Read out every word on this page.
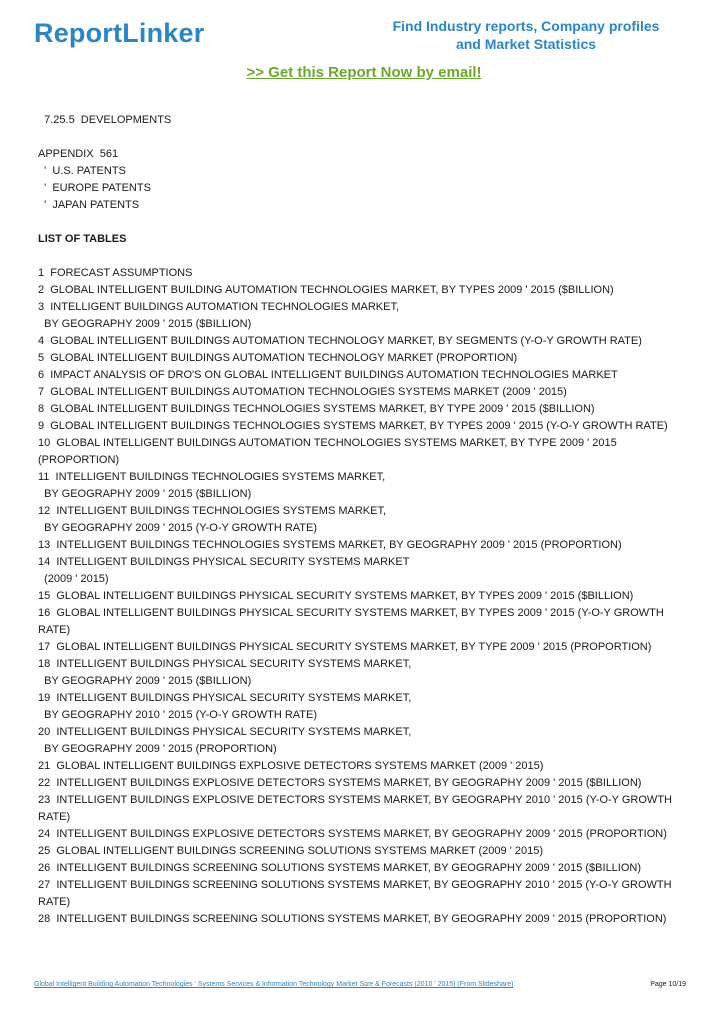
ReportLinker	Find Industry reports, Company profiles
and Market Statistics
>> Get this Report Now by email!
7.25.5  DEVELOPMENTS
APPENDIX  561
'  U.S. PATENTS
'  EUROPE PATENTS
'  JAPAN PATENTS
LIST OF TABLES
1  FORECAST ASSUMPTIONS
2  GLOBAL INTELLIGENT BUILDING AUTOMATION TECHNOLOGIES MARKET, BY TYPES 2009 ' 2015 ($BILLION)
3  INTELLIGENT BUILDINGS AUTOMATION TECHNOLOGIES MARKET,
BY GEOGRAPHY 2009 ' 2015 ($BILLION)
4  GLOBAL INTELLIGENT BUILDINGS AUTOMATION TECHNOLOGY MARKET, BY SEGMENTS (Y-O-Y GROWTH RATE)
5  GLOBAL INTELLIGENT BUILDINGS AUTOMATION TECHNOLOGY MARKET (PROPORTION)
6  IMPACT ANALYSIS OF DRO'S ON GLOBAL INTELLIGENT BUILDINGS AUTOMATION TECHNOLOGIES MARKET
7  GLOBAL INTELLIGENT BUILDINGS AUTOMATION TECHNOLOGIES SYSTEMS MARKET (2009 ' 2015)
8  GLOBAL INTELLIGENT BUILDINGS TECHNOLOGIES SYSTEMS MARKET, BY TYPE 2009 ' 2015 ($BILLION)
9  GLOBAL INTELLIGENT BUILDINGS TECHNOLOGIES SYSTEMS MARKET, BY TYPES 2009 ' 2015 (Y-O-Y GROWTH RATE)
10  GLOBAL INTELLIGENT BUILDINGS AUTOMATION TECHNOLOGIES SYSTEMS MARKET, BY TYPE 2009 ' 2015
(PROPORTION)
11  INTELLIGENT BUILDINGS TECHNOLOGIES SYSTEMS MARKET,
BY GEOGRAPHY 2009 ' 2015 ($BILLION)
12  INTELLIGENT BUILDINGS TECHNOLOGIES SYSTEMS MARKET,
BY GEOGRAPHY 2009 ' 2015 (Y-O-Y GROWTH RATE)
13  INTELLIGENT BUILDINGS TECHNOLOGIES SYSTEMS MARKET, BY GEOGRAPHY 2009 ' 2015 (PROPORTION)
14  INTELLIGENT BUILDINGS PHYSICAL SECURITY SYSTEMS MARKET
(2009 ' 2015)
15  GLOBAL INTELLIGENT BUILDINGS PHYSICAL SECURITY SYSTEMS MARKET, BY TYPES 2009 ' 2015 ($BILLION)
16  GLOBAL INTELLIGENT BUILDINGS PHYSICAL SECURITY SYSTEMS MARKET, BY TYPES 2009 ' 2015 (Y-O-Y GROWTH
RATE)
17  GLOBAL INTELLIGENT BUILDINGS PHYSICAL SECURITY SYSTEMS MARKET, BY TYPE 2009 ' 2015 (PROPORTION)
18  INTELLIGENT BUILDINGS PHYSICAL SECURITY SYSTEMS MARKET,
BY GEOGRAPHY 2009 ' 2015 ($BILLION)
19  INTELLIGENT BUILDINGS PHYSICAL SECURITY SYSTEMS MARKET,
BY GEOGRAPHY 2010 ' 2015 (Y-O-Y GROWTH RATE)
20  INTELLIGENT BUILDINGS PHYSICAL SECURITY SYSTEMS MARKET,
BY GEOGRAPHY 2009 ' 2015 (PROPORTION)
21  GLOBAL INTELLIGENT BUILDINGS EXPLOSIVE DETECTORS SYSTEMS MARKET (2009 ' 2015)
22  INTELLIGENT BUILDINGS EXPLOSIVE DETECTORS SYSTEMS MARKET, BY GEOGRAPHY 2009 ' 2015 ($BILLION)
23  INTELLIGENT BUILDINGS EXPLOSIVE DETECTORS SYSTEMS MARKET, BY GEOGRAPHY 2010 ' 2015 (Y-O-Y GROWTH
RATE)
24  INTELLIGENT BUILDINGS EXPLOSIVE DETECTORS SYSTEMS MARKET, BY GEOGRAPHY 2009 ' 2015 (PROPORTION)
25  GLOBAL INTELLIGENT BUILDINGS SCREENING SOLUTIONS SYSTEMS MARKET (2009 ' 2015)
26  INTELLIGENT BUILDINGS SCREENING SOLUTIONS SYSTEMS MARKET, BY GEOGRAPHY 2009 ' 2015 ($BILLION)
27  INTELLIGENT BUILDINGS SCREENING SOLUTIONS SYSTEMS MARKET, BY GEOGRAPHY 2010 ' 2015 (Y-O-Y GROWTH
RATE)
28  INTELLIGENT BUILDINGS SCREENING SOLUTIONS SYSTEMS MARKET, BY GEOGRAPHY 2009 ' 2015 (PROPORTION)
Global Intelligent Building Automation Technologies ' Systems Services & Information Technology Market Size & Forecasts (2010 ' 2015) (From Slideshare)	Page 10/19
